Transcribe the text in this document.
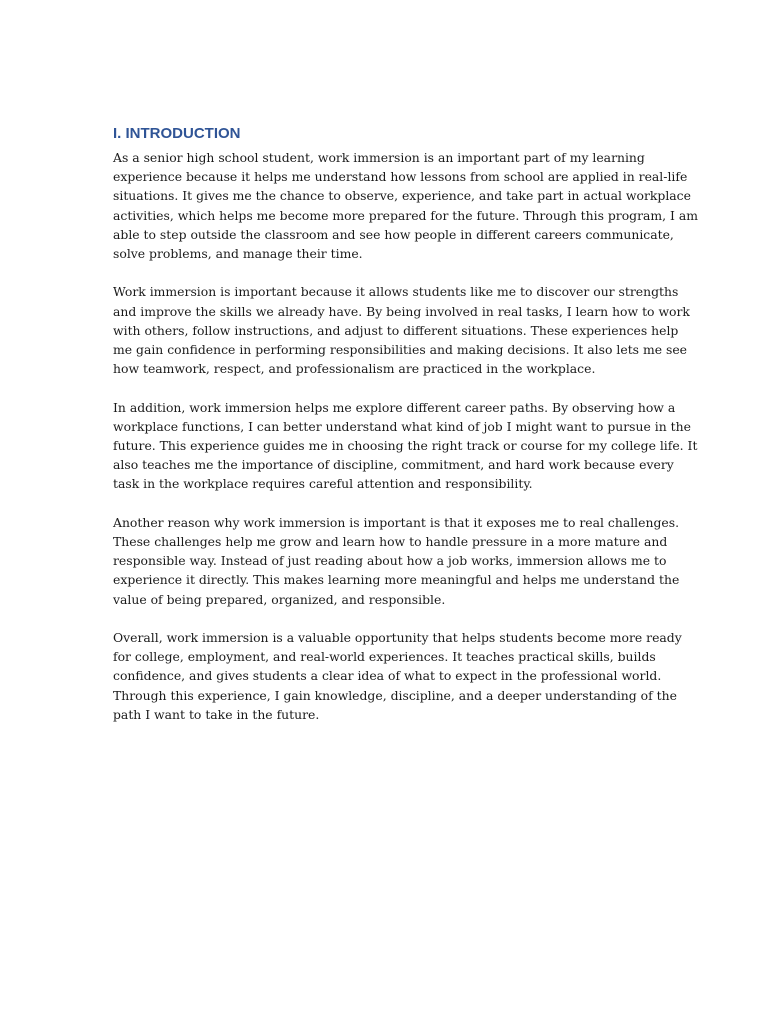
I. INTRODUCTION

As a senior high school student, work immersion is an important part of my learning
experience because it helps me understand how lessons from school are applied in real-life
situations. It gives me the chance to observe, experience, and take part in actual workplace
activities, which helps me become more prepared for the future. Through this program, I am
able to step outside the classroom and see how people in different careers communicate,
solve problems, and manage their time.

Work immersion is important because it allows students like me to discover our strengths
and improve the skills we already have. By being involved in real tasks, I learn how to work
with others, follow instructions, and adjust to different situations. These experiences help
me gain confidence in performing responsibilities and making decisions. It also lets me see
how teamwork, respect, and professionalism are practiced in the workplace.

In addition, work immersion helps me explore different career paths. By observing how a
workplace functions, I can better understand what kind of job I might want to pursue in the
future. This experience guides me in choosing the right track or course for my college life. It
also teaches me the importance of discipline, commitment, and hard work because every
task in the workplace requires careful attention and responsibility.

Another reason why work immersion is important is that it exposes me to real challenges.
These challenges help me grow and learn how to handle pressure in a more mature and
responsible way. Instead of just reading about how a job works, immersion allows me to
experience it directly. This makes learning more meaningful and helps me understand the
value of being prepared, organized, and responsible.

Overall, work immersion is a valuable opportunity that helps students become more ready
for college, employment, and real-world experiences. It teaches practical skills, builds
confidence, and gives students a clear idea of what to expect in the professional world.
Through this experience, I gain knowledge, discipline, and a deeper understanding of the
path I want to take in the future.
